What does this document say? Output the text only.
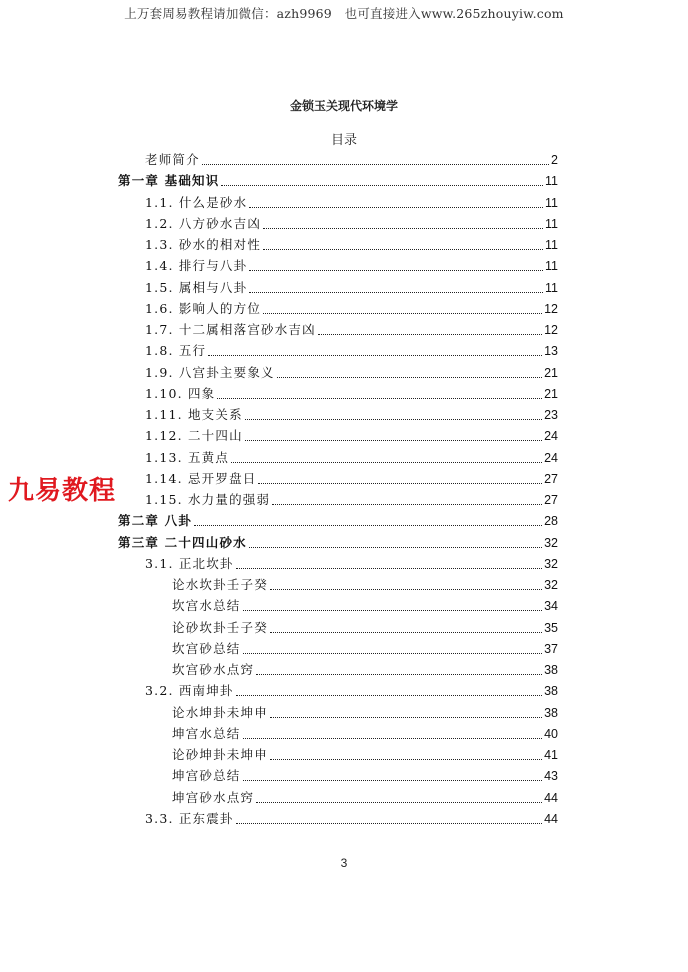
上万套周易教程请加微信：azh9969　也可直接进入www.265zhouyiw.com
金锁玉关现代环境学
目录
老师简介	2
第一章 基础知识	11
1.1. 什么是砂水	11
1.2. 八方砂水吉凶	11
1.3. 砂水的相对性	11
1.4. 排行与八卦	11
1.5. 属相与八卦	11
1.6. 影响人的方位	12
1.7. 十二属相落宫砂水吉凶	12
1.8. 五行	13
1.9. 八宫卦主要象义	21
1.10. 四象	21
1.11. 地支关系	23
1.12. 二十四山	24
1.13. 五黄点	24
1.14. 忌开罗盘日	27
1.15. 水力量的强弱	27
第二章 八卦	28
第三章 二十四山砂水	32
3.1. 正北坎卦	32
论水坎卦壬子癸	32
坎宫水总结	34
论砂坎卦壬子癸	35
坎宫砂总结	37
坎宫砂水点窍	38
3.2. 西南坤卦	38
论水坤卦未坤申	38
坤宫水总结	40
论砂坤卦未坤申	41
坤宫砂总结	43
坤宫砂水点窍	44
3.3. 正东震卦	44
九易教程
3
